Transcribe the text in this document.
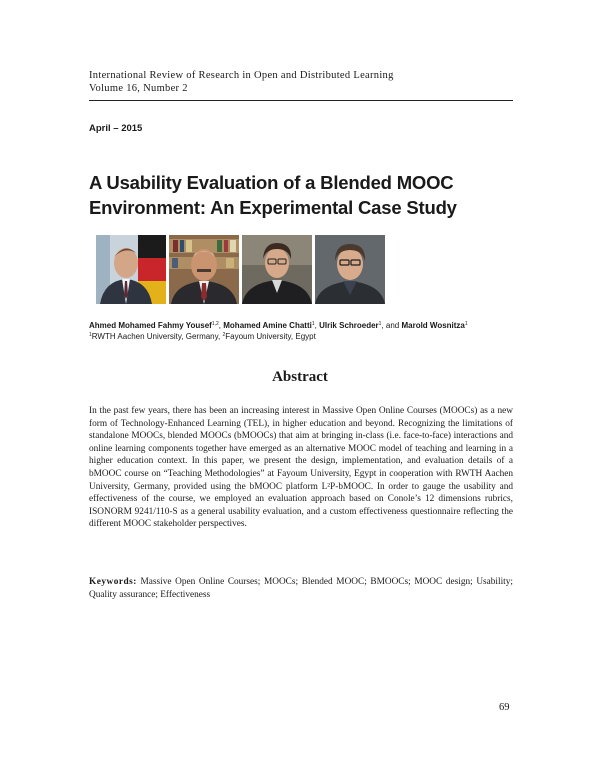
International Review of Research in Open and Distributed Learning
Volume 16, Number 2
April – 2015
A Usability Evaluation of a Blended MOOC Environment: An Experimental Case Study
Ahmed Mohamed Fahmy Yousef$^{1,2}$, Mohamed Amine Chatti$^1$, Ulrik Schroeder$^1$, and Marold Wosnitza$^1$
$^1$RWTH Aachen University, Germany, $^2$Fayoum University, Egypt
Abstract
In the past few years, there has been an increasing interest in Massive Open Online Courses (MOOCs) as a new form of Technology-Enhanced Learning (TEL), in higher education and beyond. Recognizing the limitations of standalone MOOCs, blended MOOCs (bMOOCs) that aim at bringing in-class (i.e. face-to-face) interactions and online learning components together have emerged as an alternative MOOC model of teaching and learning in a higher education context. In this paper, we present the design, implementation, and evaluation details of a bMOOC course on “Teaching Methodologies” at Fayoum University, Egypt in cooperation with RWTH Aachen University, Germany, provided using the bMOOC platform L²P-bMOOC. In order to gauge the usability and effectiveness of the course, we employed an evaluation approach based on Conole’s 12 dimensions rubrics, ISONORM 9241/110-S as a general usability evaluation, and a custom effectiveness questionnaire reflecting the different MOOC stakeholder perspectives.
Keywords: Massive Open Online Courses; MOOCs; Blended MOOC; BMOOCs; MOOC design; Usability; Quality assurance; Effectiveness
69
